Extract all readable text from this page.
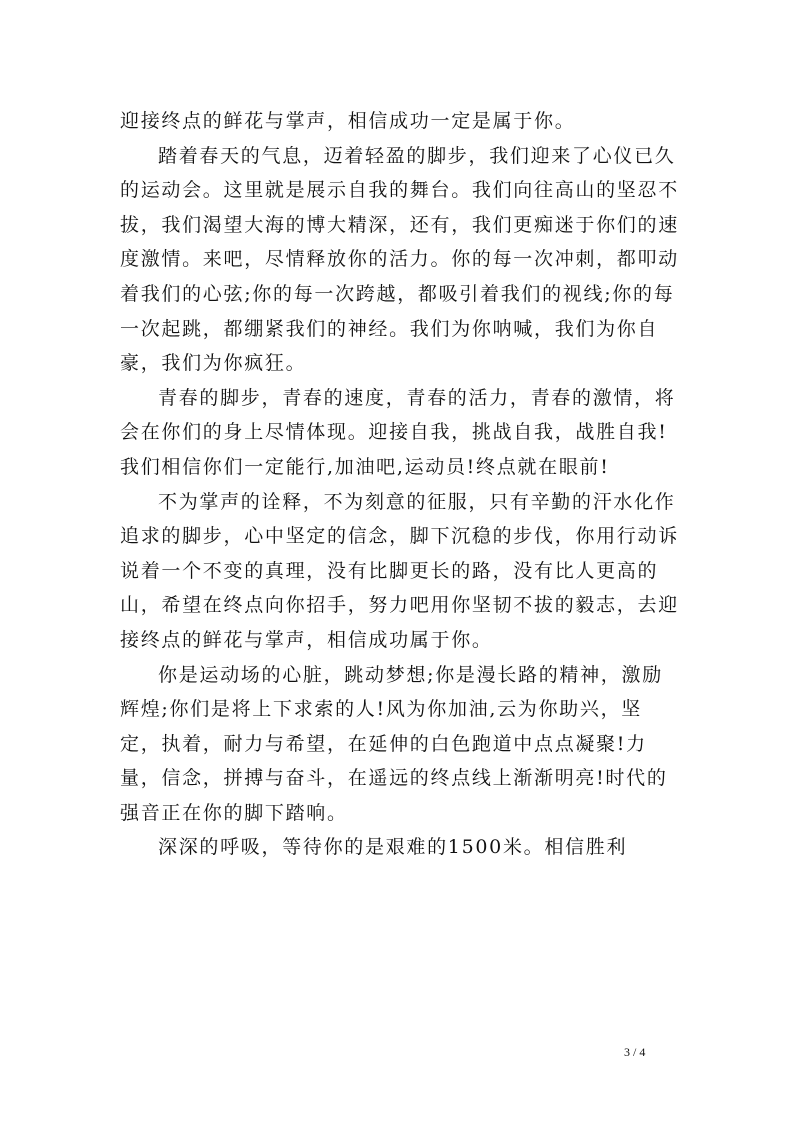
迎接终点的鲜花与掌声，相信成功一定是属于你。

踏着春天的气息，迈着轻盈的脚步，我们迎来了心仪已久的运动会。这里就是展示自我的舞台。我们向往高山的坚忍不拔，我们渴望大海的博大精深，还有，我们更痴迷于你们的速度激情。来吧，尽情释放你的活力。你的每一次冲刺，都叩动着我们的心弦;你的每一次跨越，都吸引着我们的视线;你的每一次起跳，都绷紧我们的神经。我们为你呐喊，我们为你自豪，我们为你疯狂。

青春的脚步，青春的速度，青春的活力，青春的激情，将会在你们的身上尽情体现。迎接自我，挑战自我，战胜自我!我们相信你们一定能行,加油吧,运动员!终点就在眼前!

不为掌声的诠释，不为刻意的征服，只有辛勤的汗水化作追求的脚步，心中坚定的信念，脚下沉稳的步伐，你用行动诉说着一个不变的真理，没有比脚更长的路，没有比人更高的山，希望在终点向你招手，努力吧用你坚韧不拔的毅志，去迎接终点的鲜花与掌声，相信成功属于你。

你是运动场的心脏，跳动梦想;你是漫长路的精神，激励辉煌;你们是将上下求索的人!风为你加油,云为你助兴，坚定，执着，耐力与希望，在延伸的白色跑道中点点凝聚!力量，信念，拼搏与奋斗，在遥远的终点线上渐渐明亮!时代的强音正在你的脚下踏响。

深深的呼吸，等待你的是艰难的1500米。相信胜利

3 / 4
